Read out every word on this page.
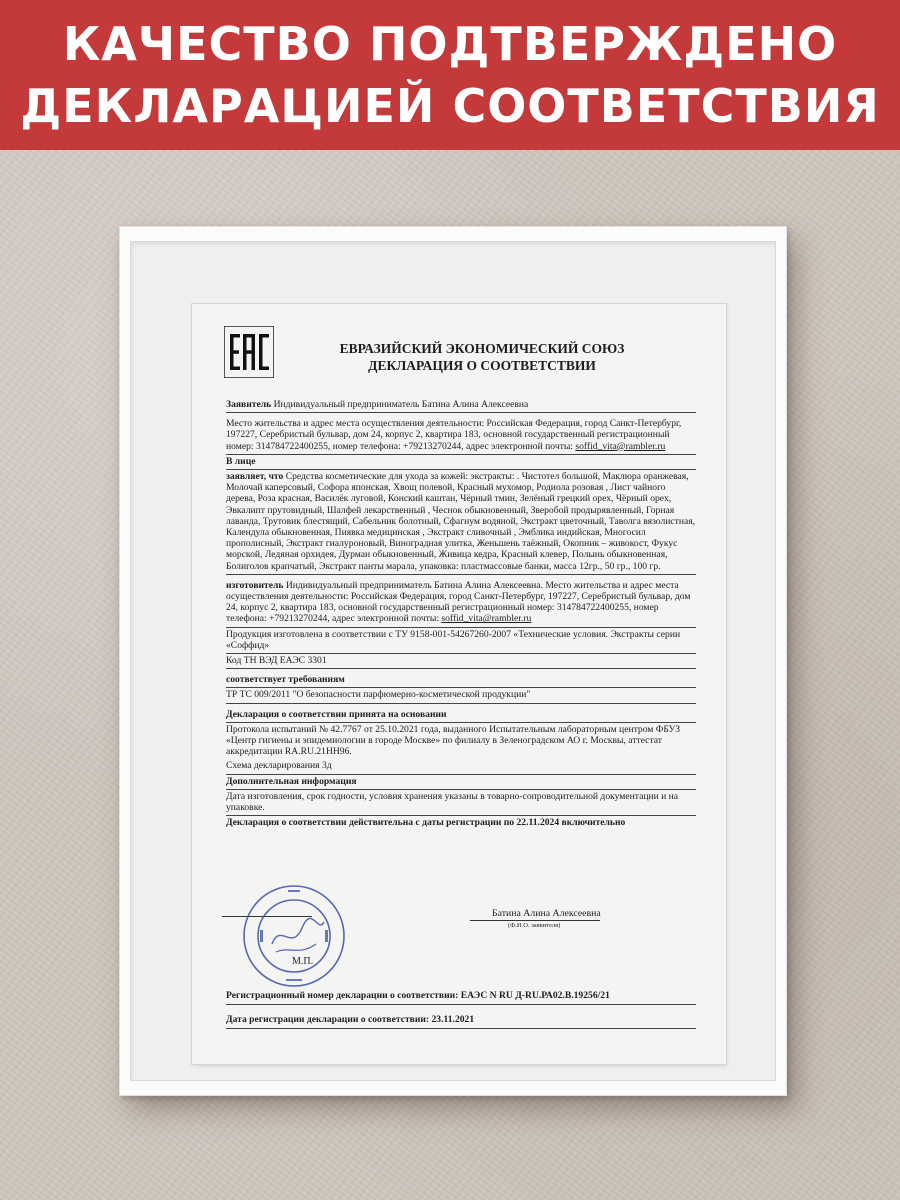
КАЧЕСТВО ПОДТВЕРЖДЕНО
ДЕКЛАРАЦИЕЙ СООТВЕТСТВИЯ
ЕВРАЗИЙСКИЙ ЭКОНОМИЧЕСКИЙ СОЮЗ
ДЕКЛАРАЦИЯ О СООТВЕТСТВИИ
Заявитель Индивидуальный предприниматель Батина Алина Алексеевна
Место жительства и адрес места осуществления деятельности: Российская Федерация, город Санкт-Петербург, 197227, Серебристый бульвар, дом 24, корпус 2, квартира 183, основной государственный регистрационный номер: 314784722400255, номер телефона: +79213270244, адрес электронной почты: soffid_vita@rambler.ru
В лице
заявляет, что Средства косметические для ухода за кожей: экстракты: . Чистотел большой, Маклюра оранжевая, Молочай каперсовый, Софора японская, Хвощ полевой, Красный мухомор, Родиола розовая , Лист чайного дерева, Роза красная, Василёк луговой, Конский каштан, Чёрный тмин, Зелёный грецкий орех, Чёрный орех, Эвкалипт прутовидный, Шалфей лекарственный , Чеснок обыкновенный, Зверобой продырявленный, Горная лаванда, Трутовик блестящий, Сабельник болотный, Сфагнум водяной, Экстракт цветочный, Таволга вязолистная, Календула обыкновенная, Пиявка медицинская , Экстракт сливочный , Эмблика индийская, Многосил прополисный, Экстракт гиалуроновый, Виноградная улитка, Женьшень таёжный, Окопник – живокост, Фукус морской, Ледяная орхидея, Дурман обыкновенный, Живица кедра, Красный клевер, Полынь обыкновенная, Болиголов крапчатый, Экстракт панты марала, упаковка: пластмассовые банки, масса 12гр., 50 гр., 100 гр.
изготовитель Индивидуальный предприниматель Батина Алина Алексеевна. Место жительства и адрес места осуществления деятельности: Российская Федерация, город Санкт-Петербург, 197227, Серебристый бульвар, дом 24, корпус 2, квартира 183, основной государственный регистрационный номер: 314784722400255, номер телефона: +79213270244, адрес электронной почты: soffid_vita@rambler.ru
Продукция изготовлена в соответствии с ТУ 9158-001-54267260-2007 «Технические условия. Экстракты серии «Соффид»
Код ТН ВЭД ЕАЭС 3301
соответствует требованиям
ТР ТС 009/2011 "О безопасности парфюмерно-косметической продукции"
Декларация о соответствии принята на основании
Протокола испытаний № 42.7767 от 25.10.2021 года, выданного Испытательным лабораторным центром ФБУЗ «Центр гигиены и эпидемиологии в городе Москве» по филиалу в Зеленоградском АО г. Москвы, аттестат аккредитации RA.RU.21НН96.
Схема декларирования 3д
Дополнительная информация
Дата изготовления, срок годности, условия хранения указаны в товарно-сопроводительной документации и на упаковке.
Декларация о соответствии действительна с даты регистрации по 22.11.2024 включительно
М.П.
Батина Алина Алексеевна
(Ф.И.О. заявителя)
Регистрационный номер декларации о соответствии: ЕАЭС N RU Д-RU.РА02.В.19256/21
Дата регистрации декларации о соответствии: 23.11.2021
